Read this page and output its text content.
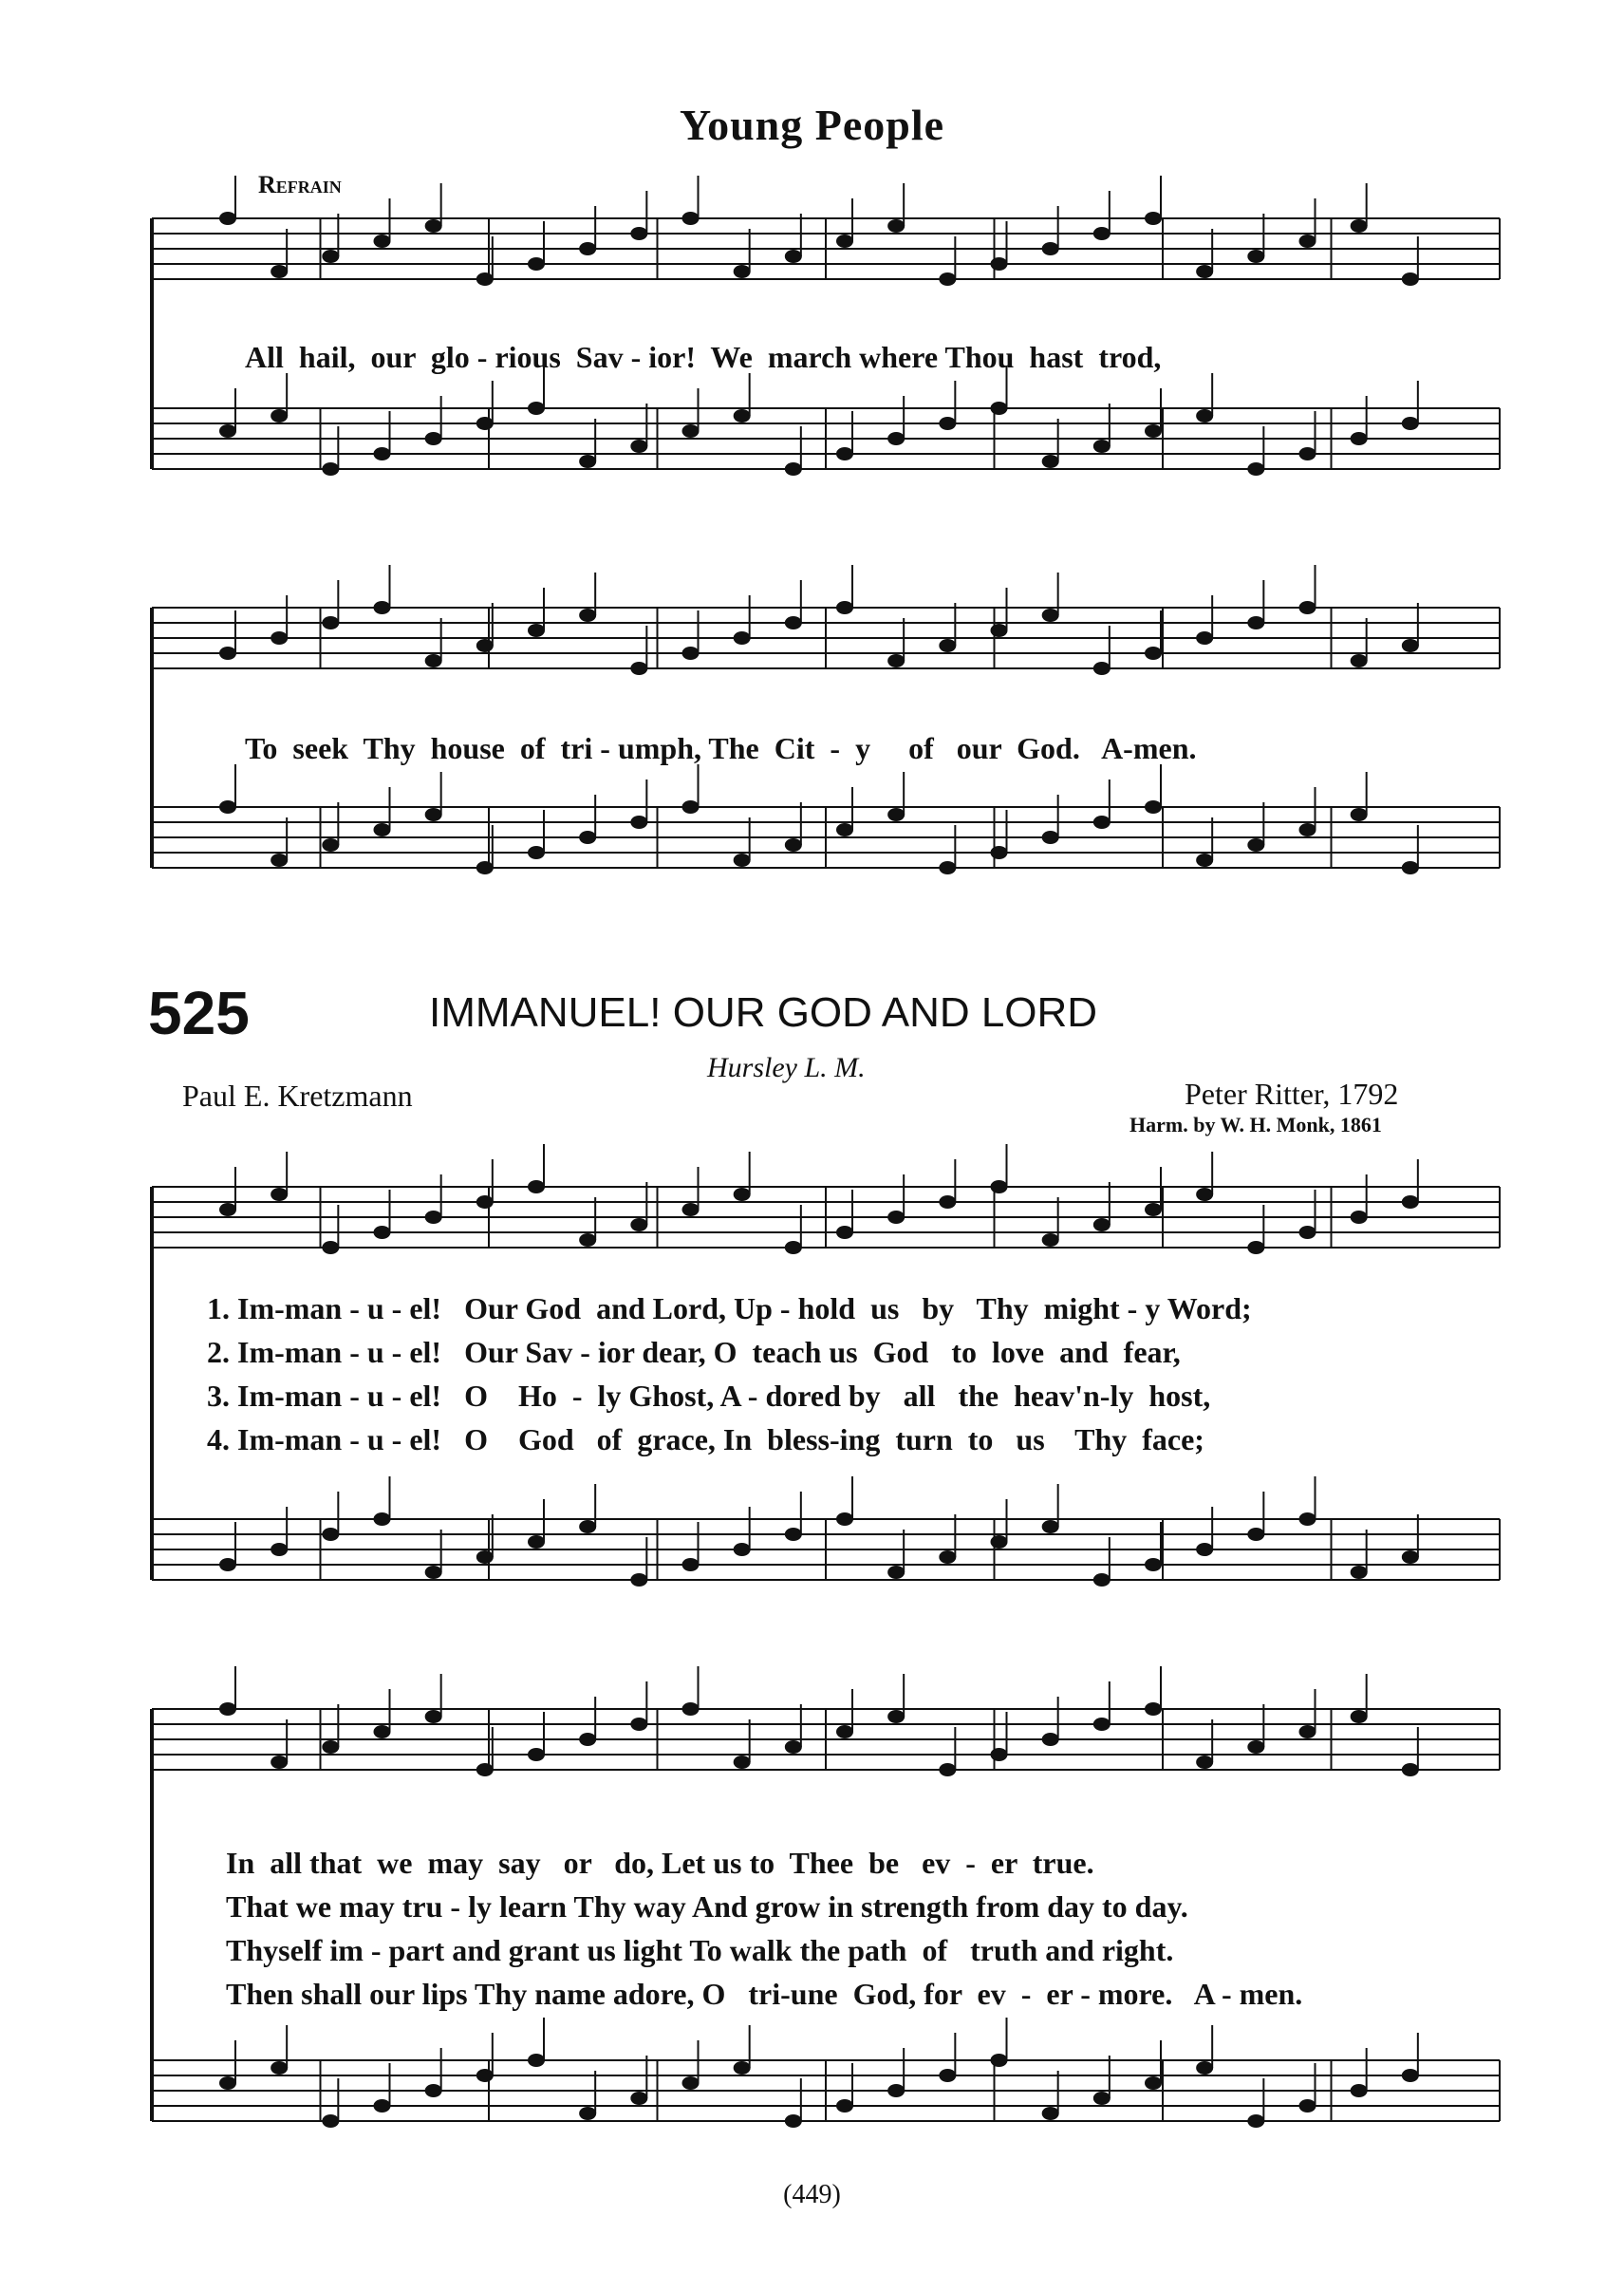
Young People
Refrain
All  hail,  our  glo - rious  Sav - ior!  We  march where Thou  hast  trod,
To  seek  Thy  house  of  tri - umph, The  Cit  -  y     of   our  God.   A-men.
525	IMMANUEL! OUR GOD AND LORD
Hursley L. M.
Paul E. Kretzmann	Peter Ritter, 1792
Harm. by W. H. Monk, 1861
1. Im-man - u - el!   Our God  and Lord, Up - hold  us   by   Thy  might - y Word;
2. Im-man - u - el!   Our Sav - ior dear, O  teach us  God   to  love  and  fear,
3. Im-man - u - el!   O    Ho  -  ly Ghost, A - dored by   all   the  heav'n-ly  host,
4. Im-man - u - el!   O    God   of  grace, In  bless-ing  turn  to   us    Thy  face;
In  all that  we  may  say   or   do, Let us to  Thee  be   ev  -  er  true.
That we may tru - ly learn Thy way And grow in strength from day to day.
Thyself im - part and grant us light To walk the path  of   truth and right.
Then shall our lips Thy name adore, O   tri-une  God, for  ev  -  er - more.   A - men.
(449)
